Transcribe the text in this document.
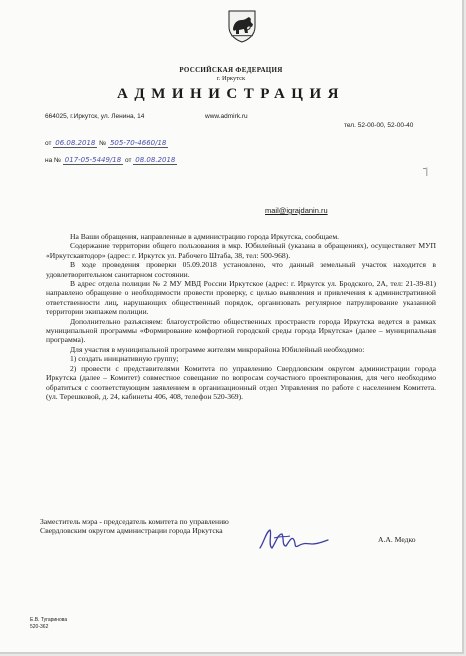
РОССИЙСКАЯ ФЕДЕРАЦИЯ
г. Иркутск
АДМИНИСТРАЦИЯ
664025, г.Иркутск, ул. Ленина, 14	www.admirk.ru
тел. 52-00-00, 52-00-40
от 06.08.2018 № 505-70-4660/18
на № 017-05-5449/18 от 08.08.2018
ˉ|
mail@igrajdanin.ru

На Ваши обращения, направленные в администрацию города Иркутска, сообщаем.

Содержание территории общего пользования в мкр. Юбилейный (указана в обращениях), осуществляет МУП «Иркутскавтодор» (адрес: г. Иркутск ул. Рабочего Штаба, 38, тел: 500-968).

В ходе проведения проверки 05.09.2018 установлено, что данный земельный участок находится в удовлетворительном санитарном состоянии.

В адрес отдела полиции № 2 МУ МВД России Иркутское (адрес: г. Иркутск ул. Бродского, 2А, тел: 21-39-81) направлено обращение о необходимости провести проверку, с целью выявления и привлечения к административной ответственности лиц, нарушающих общественный порядок, организовать регулярное патрулирование указанной территории экипажем полиции.

Дополнительно разъясняем: благоустройство общественных пространств города Иркутска ведется в рамках муниципальной программы «Формирование комфортной городской среды города Иркутска» (далее – муниципальная программа).

Для участия в муниципальной программе жителям микрорайона Юбилейный необходимо:

1) создать инициативную группу;

2) провести с представителями Комитета по управлению Свердловским округом администрации города Иркутска (далее – Комитет) совместное совещание по вопросам соучастного проектирования, для чего необходимо обратиться с соответствующим заявлением в организационный отдел Управления по работе с населением Комитета. (ул. Терешковой, д. 24, кабинеты 406, 408, телефон 520-369).

Заместитель мэра - председатель комитета по управлению Свердловским округом администрации города Иркутска
А.А. Медко
Е.В. Тугаринова
520-362
